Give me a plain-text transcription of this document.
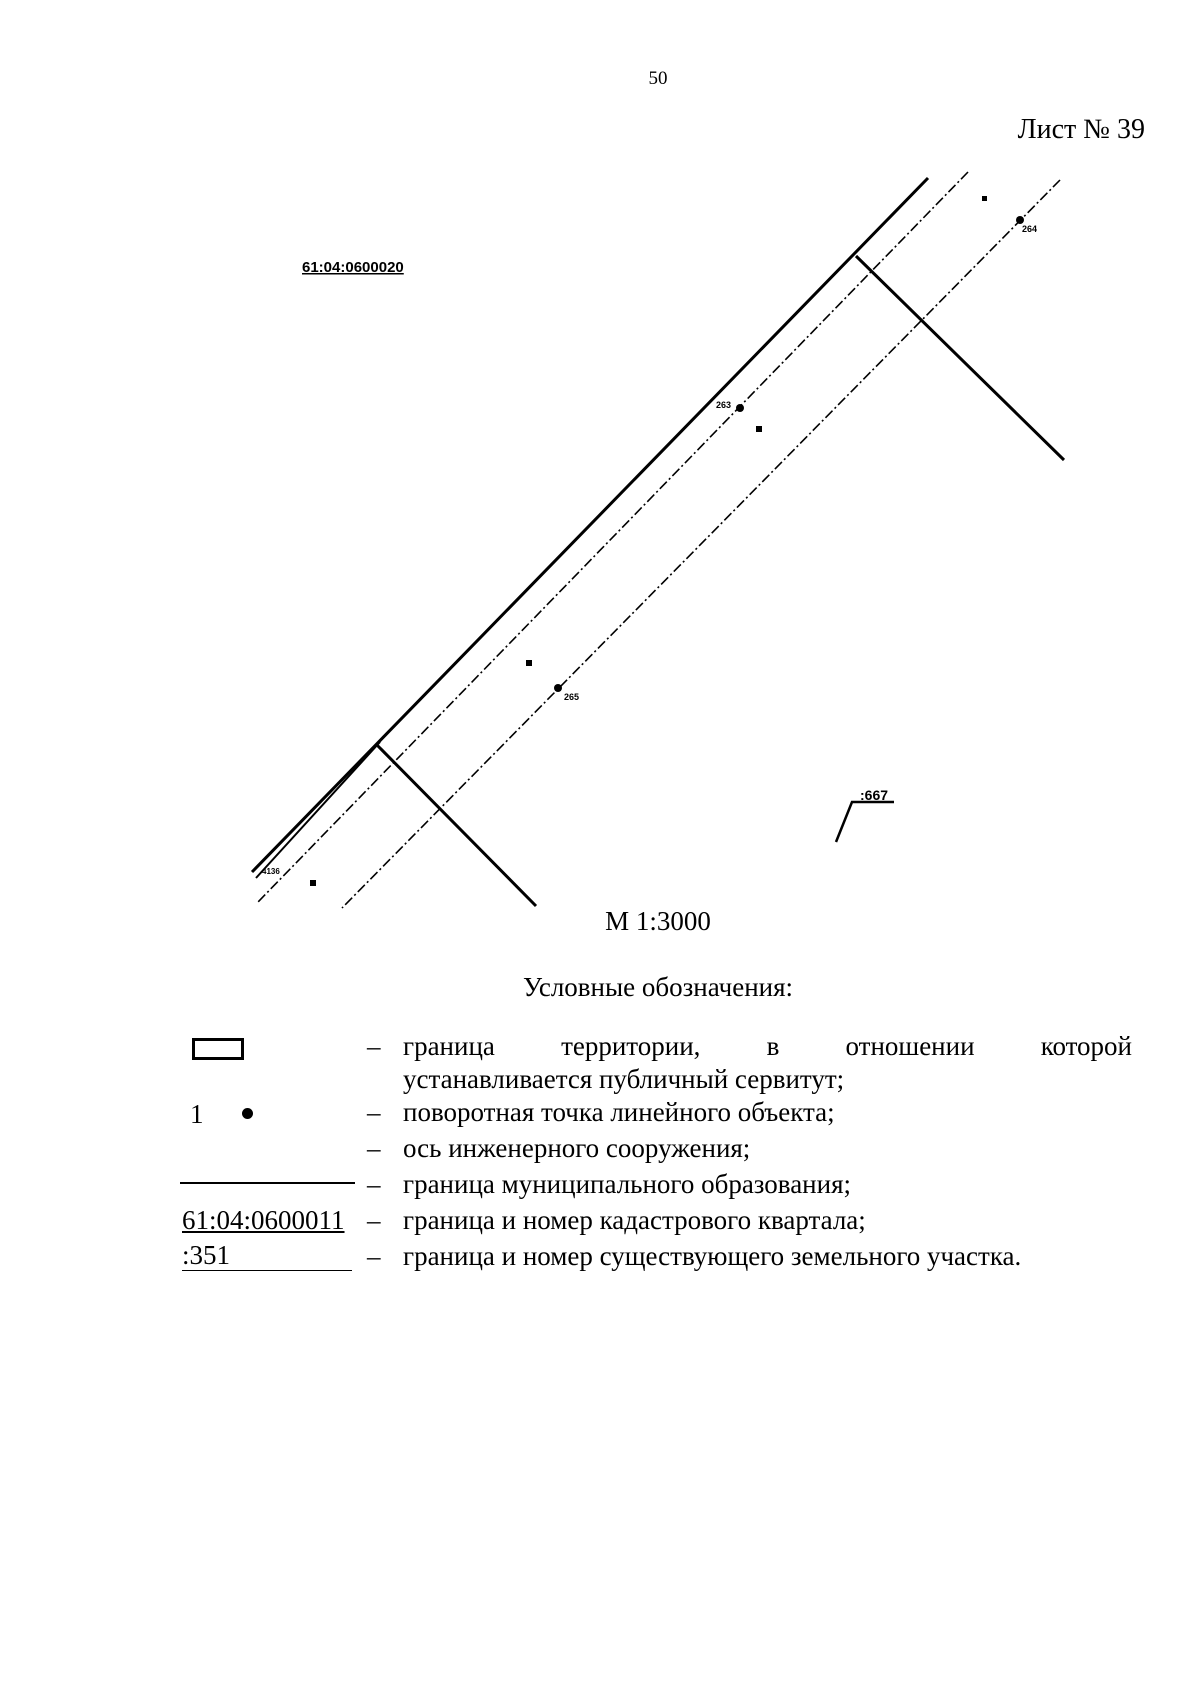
50
Лист № 39
61:04:0600020
:667
264
263
265
4136
М 1:3000
Условные обозначения:
– граница территории, в отношении которой
устанавливается публичный сервитут;
1	– поворотная точка линейного объекта;
– ось инженерного сооружения;
– граница муниципального образования;
61:04:0600011 – граница и номер кадастрового квартала;
:351	– граница и номер существующего земельного участка.
